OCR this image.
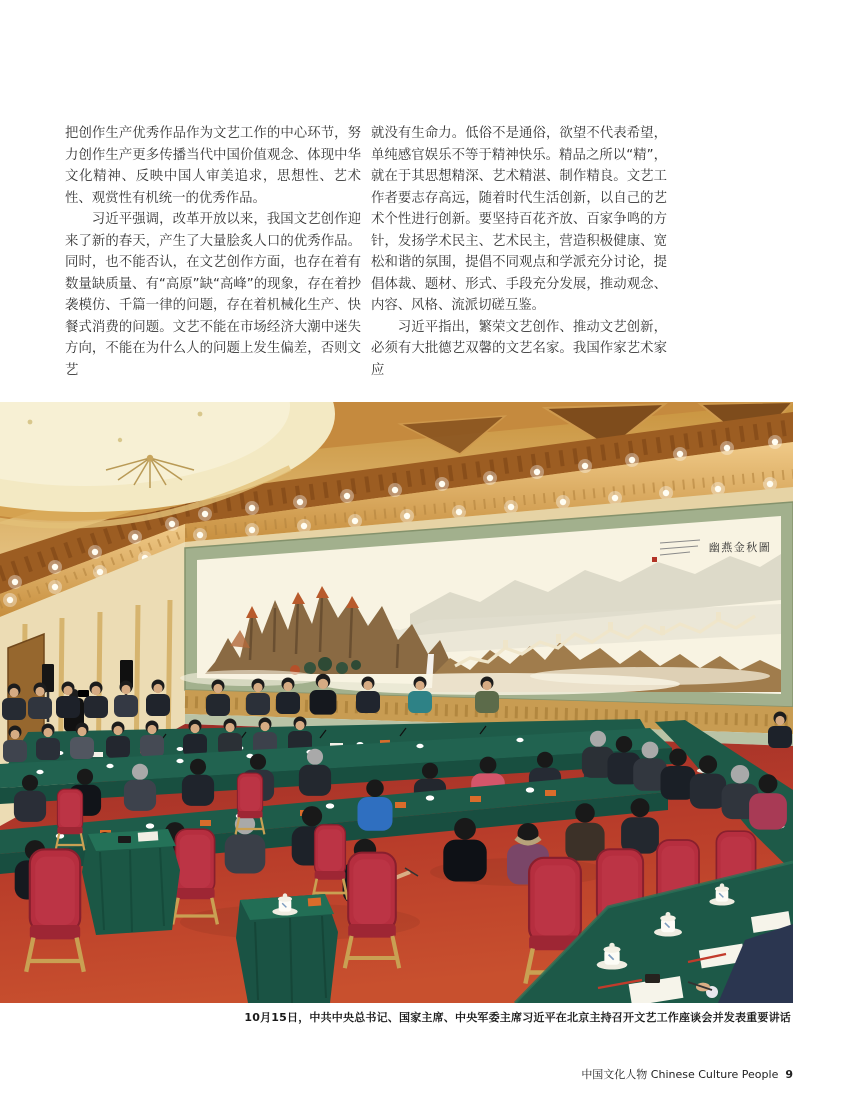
把创作生产优秀作品作为文艺工作的中心环节，努力创作生产更多传播当代中国价值观念、体现中华文化精神、反映中国人审美追求，思想性、艺术性、观赏性有机统一的优秀作品。

习近平强调，改革开放以来，我国文艺创作迎来了新的春天，产生了大量脍炙人口的优秀作品。同时，也不能否认，在文艺创作方面，也存在着有数量缺质量、有“高原”缺“高峰”的现象，存在着抄袭模仿、千篇一律的问题，存在着机械化生产、快餐式消费的问题。文艺不能在市场经济大潮中迷失方向，不能在为什么人的问题上发生偏差，否则文艺

就没有生命力。低俗不是通俗，欲望不代表希望，单纯感官娱乐不等于精神快乐。精品之所以“精”，就在于其思想精深、艺术精湛、制作精良。文艺工作者要志存高远，随着时代生活创新，以自己的艺术个性进行创新。要坚持百花齐放、百家争鸣的方针，发扬学术民主、艺术民主，营造积极健康、宽松和谐的氛围，提倡不同观点和学派充分讨论，提倡体裁、题材、形式、手段充分发展，推动观念、内容、风格、流派切磋互鉴。

习近平指出，繁荣文艺创作、推动文艺创新，必须有大批德艺双馨的文艺名家。我国作家艺术家应

幽燕金秋圖
10月15日，中共中央总书记、国家主席、中央军委主席习近平在北京主持召开文艺工作座谈会并发表重要讲话
中国文化人物 Chinese Culture People 9
